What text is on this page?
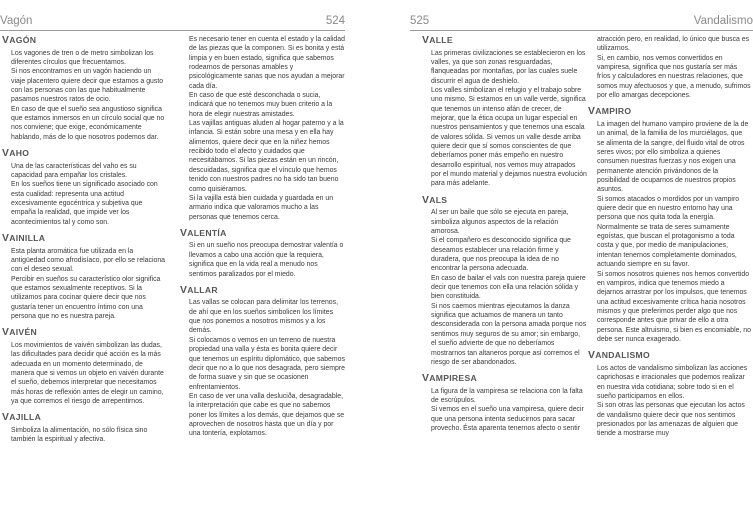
Vagón	524
VAGÓN

Los vagones de tren o de metro simbolizan los diferentes círculos que frecuentamos.

Si nos encontramos en un vagón haciendo un viaje placentero quiere decir que estamos a gusto con las personas con las que habitualmente pasamos nuestros ratos de ocio.

En caso de que el sueño sea angustioso significa que estamos inmersos en un círculo social que no nos conviene; que exige, económicamente hablando, más de lo que nosotros podemos dar.

VAHO

Una de las características del vaho es su capacidad para empañar los cristales.

En los sueños tiene un significado asociado con esta cualidad: representa una actitud excesivamente egocéntrica y subjetiva que empaña la realidad, que impide ver los acontecimientos tal y como son.

VAINILLA

Esta planta aromática fue utilizada en la antigüedad como afrodisíaco, por ello se relaciona con el deseo sexual.

Percibir en sueños su característico olor significa que estamos sexualmente receptivos. Si la utilizamos para cocinar quiere decir que nos gustaría tener un encuentro íntimo con una persona que no es nuestra pareja.

VAIVÉN

Los movimientos de vaivén simbolizan las dudas, las dificultades para decidir qué acción es la más adecuada en un momento determinado, de manera que si vemos un objeto en vaivén durante el sueño, debemos interpretar que necesitamos más horas de reflexión antes de elegir un camino, ya que corremos el riesgo de arrepentirnos.

VAJILLA

Simboliza la alimentación, no sólo física sino también la espiritual y afectiva.

Es necesario tener en cuenta el estado y la calidad de las piezas que la componen. Si es bonita y está limpia y en buen estado, significa que sabemos rodearnos de personas amables y psicológicamente sanas que nos ayudan a mejorar cada día.

En caso de que esté desconchada o sucia, indicará que no tenemos muy buen criterio a la hora de elegir nuestras amistades.

Las vajillas antiguas aluden al hogar paterno y a la infancia. Si están sobre una mesa y en ella hay alimentos, quiere decir que en la niñez hemos recibido todo el afecto y cuidados que necesitábamos. Si las piezas están en un rincón, descuidadas, significa que el vínculo que hemos tenido con nuestros padres no ha sido tan bueno como quisiéramos.

Si la vajilla está bien cuidada y guardada en un armario indica que valoramos mucho a las personas que tenemos cerca.

VALENTÍA

Si en un sueño nos preocupa demostrar valentía o llevamos a cabo una acción que la requiera, significa que en la vida real a menudo nos sentimos paralizados por el miedo.

VALLAR

Las vallas se colocan para delimitar los terrenos, de ahí que en los sueños simbolicen los límites que nos ponemos a nosotros mismos y a los demás.

Si colocamos o vemos en un terreno de nuestra propiedad una valla y ésta es bonita quiere decir que tenemos un espíritu diplomático, que sabemos decir que no a lo que nos desagrada, pero siempre de forma suave y sin que se ocasionen enfrentamientos.

En caso de ver una valla desluciða, desagradable, la interpretación que cabe es que no sabemos poner los límites a los demás, que dejamos que se aprovechen de nosotros hasta que un día y por una tontería, explotamos.

525	Vandalismo
VALLE

Las primeras civilizaciones se establecieron en los valles, ya que son zonas resguardadas, flanqueadas por montañas, por las cuales suele discurrir el agua de deshielo.

Los valles simbolizan el refugio y el trabajo sobre uno mismo. Si estamos en un valle verde, significa que tenemos un intenso afán de crecer, de mejorar, que la ética ocupa un lugar especial en nuestros pensamientos y que tenemos una escala de valores sólida. Si vemos un valle desde arriba quiere decir que sí somos conscientes de que deberíamos poner más empeño en nuestro desarrollo espiritual, nos vemos muy atrapados por el mundo material y dejamos nuestra evolución para más adelante.

VALS

Al ser un baile que sólo se ejecuta en pareja, simboliza algunos aspectos de la relación amorosa.

Si el compañero es desconocido significa que deseamos establecer una relación firme y duradera, que nos preocupa la idea de no encontrar la persona adecuada.

En caso de bailar el vals con nuestra pareja quiere decir que tenemos con ella una relación sólida y bien constituida.

Si nos caemos mientras ejecutamos la danza significa que actuamos de manera un tanto desconsiderada con la persona amada porque nos sentimos muy seguros de su amor; sin embargo, el sueño advierte de que no deberíamos mostrarnos tan altaneros porque así corremos el riesgo de ser abandonados.

VAMPIRESA

La figura de la vampiresa se relaciona con la falta de escrúpulos.

Si vemos en el sueño una vampiresa, quiere decir que una persona intenta seducirnos para sacar provecho. Ésta aparenta tenernos afecto o sentir

atracción pero, en realidad, lo único que busca es utilizarnos.

Si, en cambio, nos vemos convertidos en vampiresa, significa que nos gustaría ser más fríos y calculadores en nuestras relaciones, que somos muy afectuosos y que, a menudo, sufrimos por ello amargas decepciones.

VAMPIRO

La imagen del humano vampiro proviene de la de un animal, de la familia de los murciélagos, que se alimenta de la sangre, del fluido vital de otros seres vivos; por ello simboliza a quienes consumen nuestras fuerzas y nos exigen una permanente atención privándonos de la posibilidad de ocuparnos de nuestros propios asuntos.

Si somos atacados o mordidos por un vampiro quiere decir que en nuestro entorno hay una persona que nos quita toda la energía. Normalmente se trata de seres sumamente egoístas, que buscan el protagonismo a toda costa y que, por medio de manipulaciones, intentan tenernos completamente dominados, actuando siempre en su favor.

Si somos nosotros quienes nos hemos convertido en vampiros, indica que tenemos miedo a dejarnos arrastrar por los impulsos, que tenemos una actitud excesivamente crítica hacia nosotros mismos y que preferimos perder algo que nos corresponde antes que privar de ello a otra persona. Este altruismo, si bien es encomiable, no debe ser nunca exagerado.

VANDALISMO

Los actos de vandalismo simbolizan las acciones caprichosas e irracionales que podemos realizar en nuestra vida cotidiana; sobre todo si en el sueño participamos en ellos.

Si son otras las personas que ejecutan los actos de vandalismo quiere decir que nos sentimos presionados por las amenazas de alguien que tiende a mostrarse muy
